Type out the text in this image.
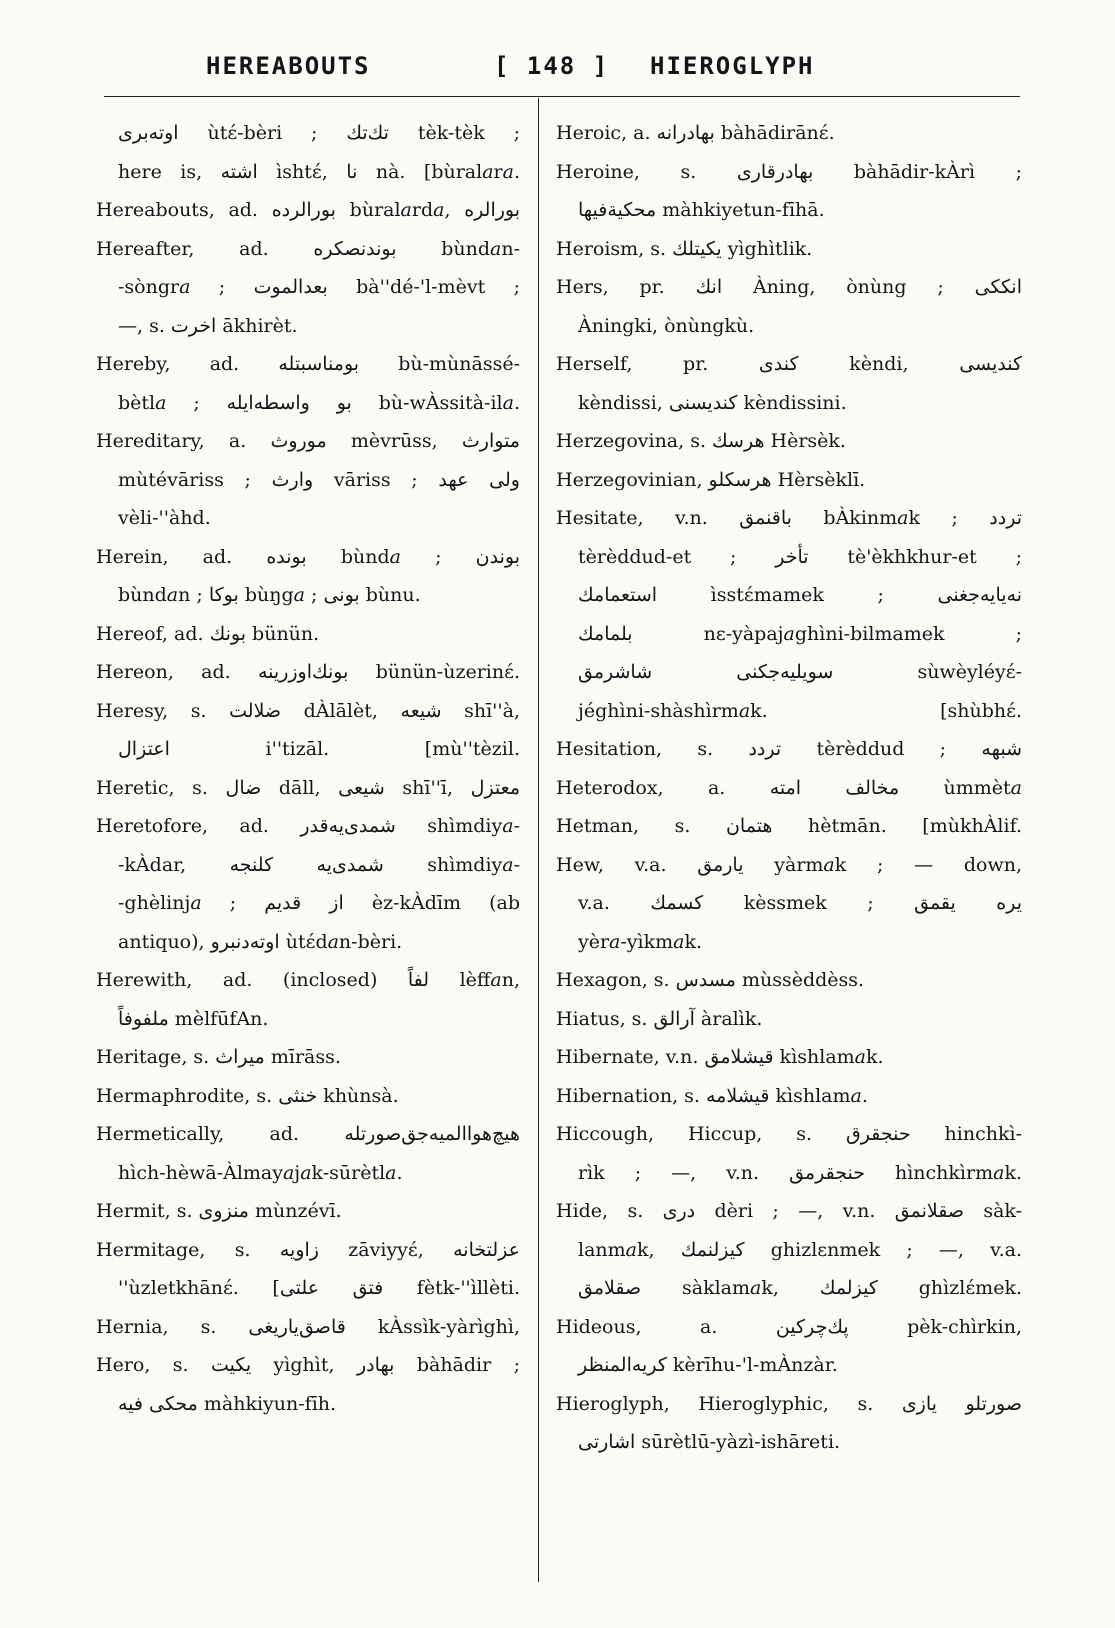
HEREABOUTS	[ 148 ] HIEROGLYPH
اوته‌بری ùtɛ́-bèri ; تك‌تك tèk-tèk ;
here is, اشته ìshtɛ́, نا nà. [bùral𝑎r𝑎.
Hereabouts, ad. بورالرده bùral𝑎rd𝑎, بورالره
Hereafter, ad. بوندنصكره bùnd𝑎n-
-sòngr𝑎 ; بعدالموت bà''dé-'l-mèvt ;
—, s. اخرت ākhirèt.
Hereby, ad. بومناسبتله bù-mùnāssé-
bètl𝑎 ; بو واسطه‌ايله bù-wÀssità-il𝑎.
Hereditary, a. موروث mèvrūss, متوارث
mùtévāriss ; وارث vāriss ; ولی عهد
vèli-''àhd.
Herein, ad. بونده bùnd𝑎 ; بوندن
bùnd𝑎n ; بوکا bùŋg𝑎 ; بونی bùnu.
Hereof, ad. بونك bünün.
Hereon, ad. بونك‌اوزرينه bünün-ùzerinɛ́.
Heresy, s. ضلالت dÀlālèt, شيعه shī''à,
اعتزال i''tizāl. [mù''tèzil.
Heretic, s. ضال dāll, شيعى shī''ī, معتزل
Heretofore, ad. شمدی‌يه‌قدر shìmdiy𝑎-
-kÀdar, شمدی‌يه كلنجه shìmdiy𝑎-
-ghèlinj𝑎 ; از قديم èz-kÀdīm (ab
antiquo), اوته‌دنبرو ùtɛ́d𝑎n-bèri.
Herewith, ad. (inclosed) لفاً lèff𝑎n,
ملفوفاً mèlfūfAn.
Heritage, s. ميراث mīrāss.
Hermaphrodite, s. خنثى khùnsà.
Hermetically, ad. هيچ‌هواالميه‌جق‌صورتله
hìch-hèwā-Àlmay𝑎j𝑎k-sūrètl𝑎.
Hermit, s. منزوی mùnzévī.
Hermitage, s. زاويه zāviyyɛ́, عزلتخانه
''ùzletkhānɛ́. [فتق علتى fètk-''ìllèti.
Hernia, s. قاصق‌ياريغى kÀssìk-yàrìghì,
Hero, s. يكيت yìghìt, بهادر bàhādir ;
محكى فيه màhkiyun-fīh.
Heroic, a. بهادرانه bàhādirānɛ́.
Heroine, s. بهادرقارى bàhādir-kÀrì ;
محكية‌فيها màhkiyetun-fīhā.
Heroism, s. يكيتلك yìghìtlik.
Hers, pr. انك Àning, ònùng ; انككى
Àningki, ònùngkù.
Herself, pr. كندى kèndi, كنديسى
kèndissi, كنديسنى kèndissini.
Herzegovina, s. هرسك Hèrsèk.
Herzegovinian, هرسكلو Hèrsèklī.
Hesitate, v.n. باقنمق bÀkinm𝑎k ; تردد
tèrèddud-et ; تأخر tè'èkhkhur-et ;
استعمامك ìsstɛ́mamek ; نه‌يا‌يه‌جغنى
بلمامك nɛ-yàpaj𝑎ghìni-bilmamek ;
سويليه‌جكنى شاشرمق sùwèyléyɛ́-
jéghìni-shàshìrm𝑎k. [shùbhɛ́.
Hesitation, s. تردد tèrèddud ; شبهه
Heterodox, a. مخالف امته ùmmèt𝑎
Hetman, s. هتمان hètmān. [mùkhÀlif.
Hew, v.a. يارمق yàrm𝑎k ; — down,
v.a. كسمك kèssmek ; يره يقمق
yèr𝑎-yìkm𝑎k.
Hexagon, s. مسدس mùssèddèss.
Hiatus, s. آرالق àralìk.
Hibernate, v.n. قيشلامق kìshlam𝑎k.
Hibernation, s. قيشلامه kìshlam𝑎.
Hiccough, Hiccup, s. حنجقرق hinchkì-
rìk ; —, v.n. حنجقرمق hìnchkìrm𝑎k.
Hide, s. درى dèri ; —, v.n. صقلانمق sàk-
lanm𝑎k, كيزلنمك ghizlɛnmek ; —, v.a.
صقلامق sàklam𝑎k, كيزلمك ghìzlɛ́mek.
Hideous, a. پك‌چركين pèk-chìrkin,
كريه‌المنظر kèrīhu-'l-mÀnzàr.
Hieroglyph, Hieroglyphic, s. صورتلو يازى
اشارتى sūrètlū-yàzì-ishāreti.
